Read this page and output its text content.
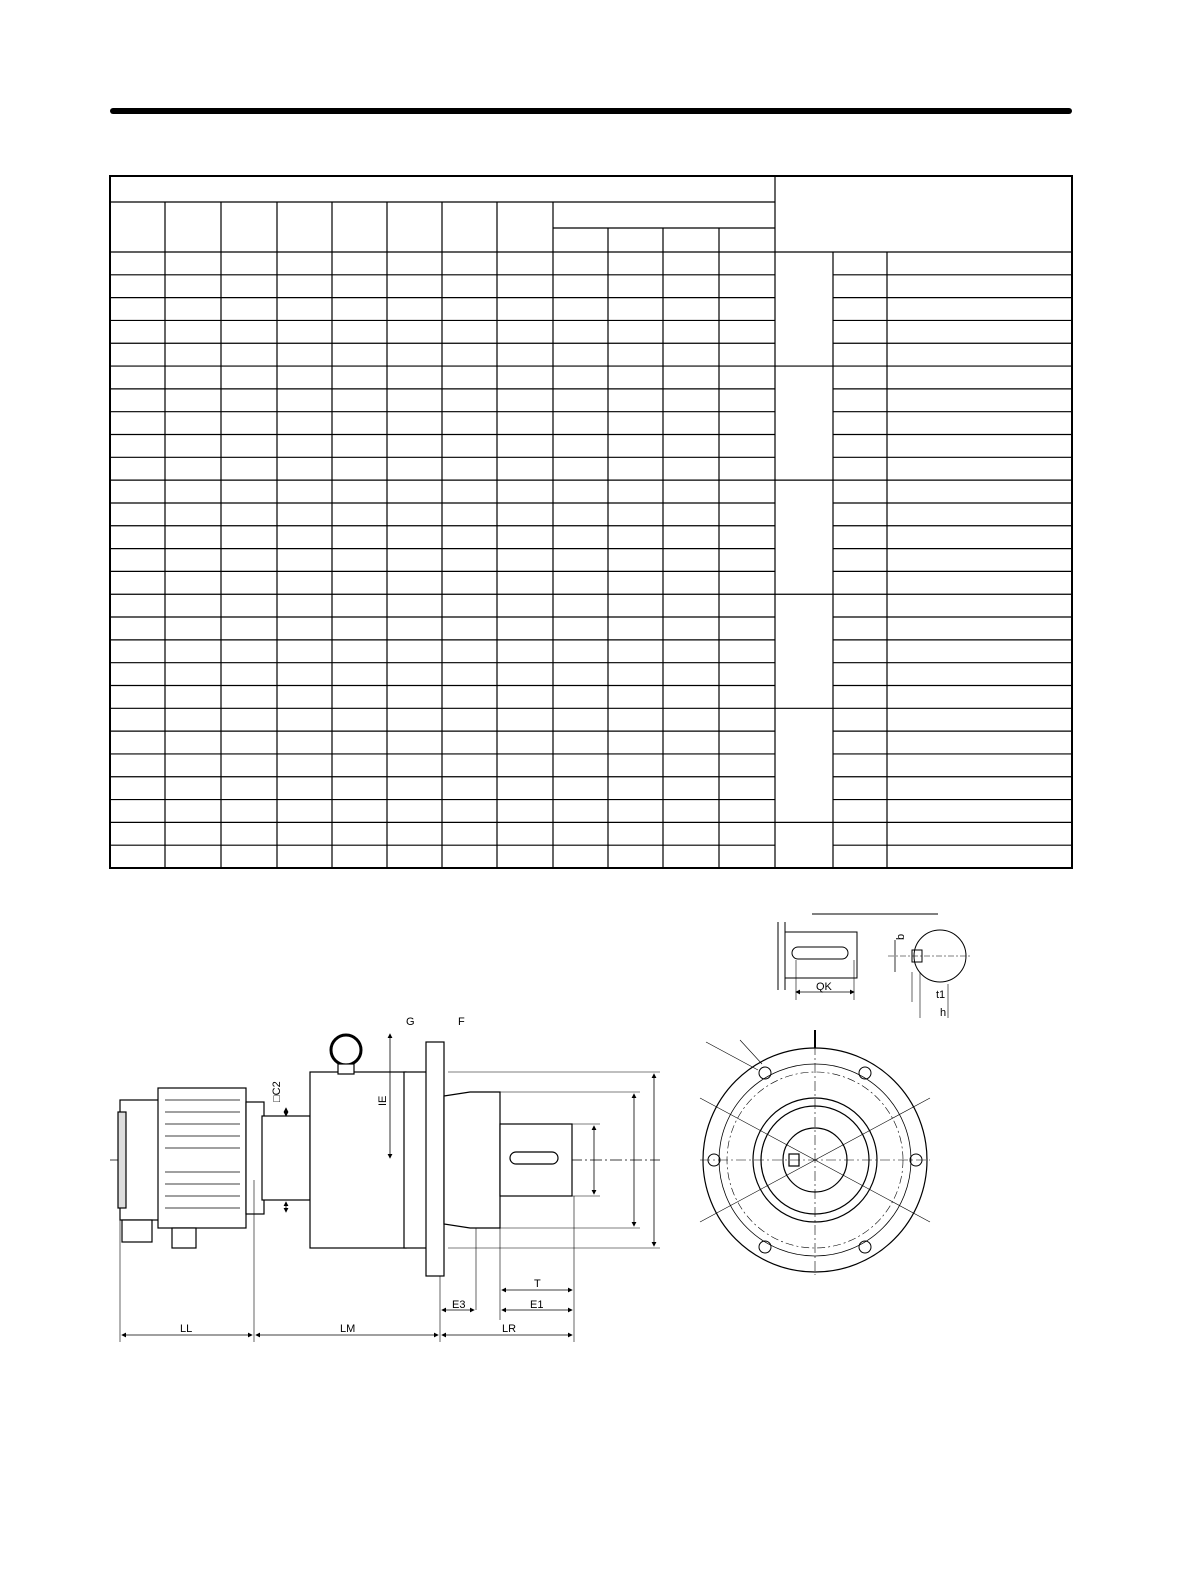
□C2	IE
G	F
T
E3	E1
LL	LM	LR
QK
b
t1
h
